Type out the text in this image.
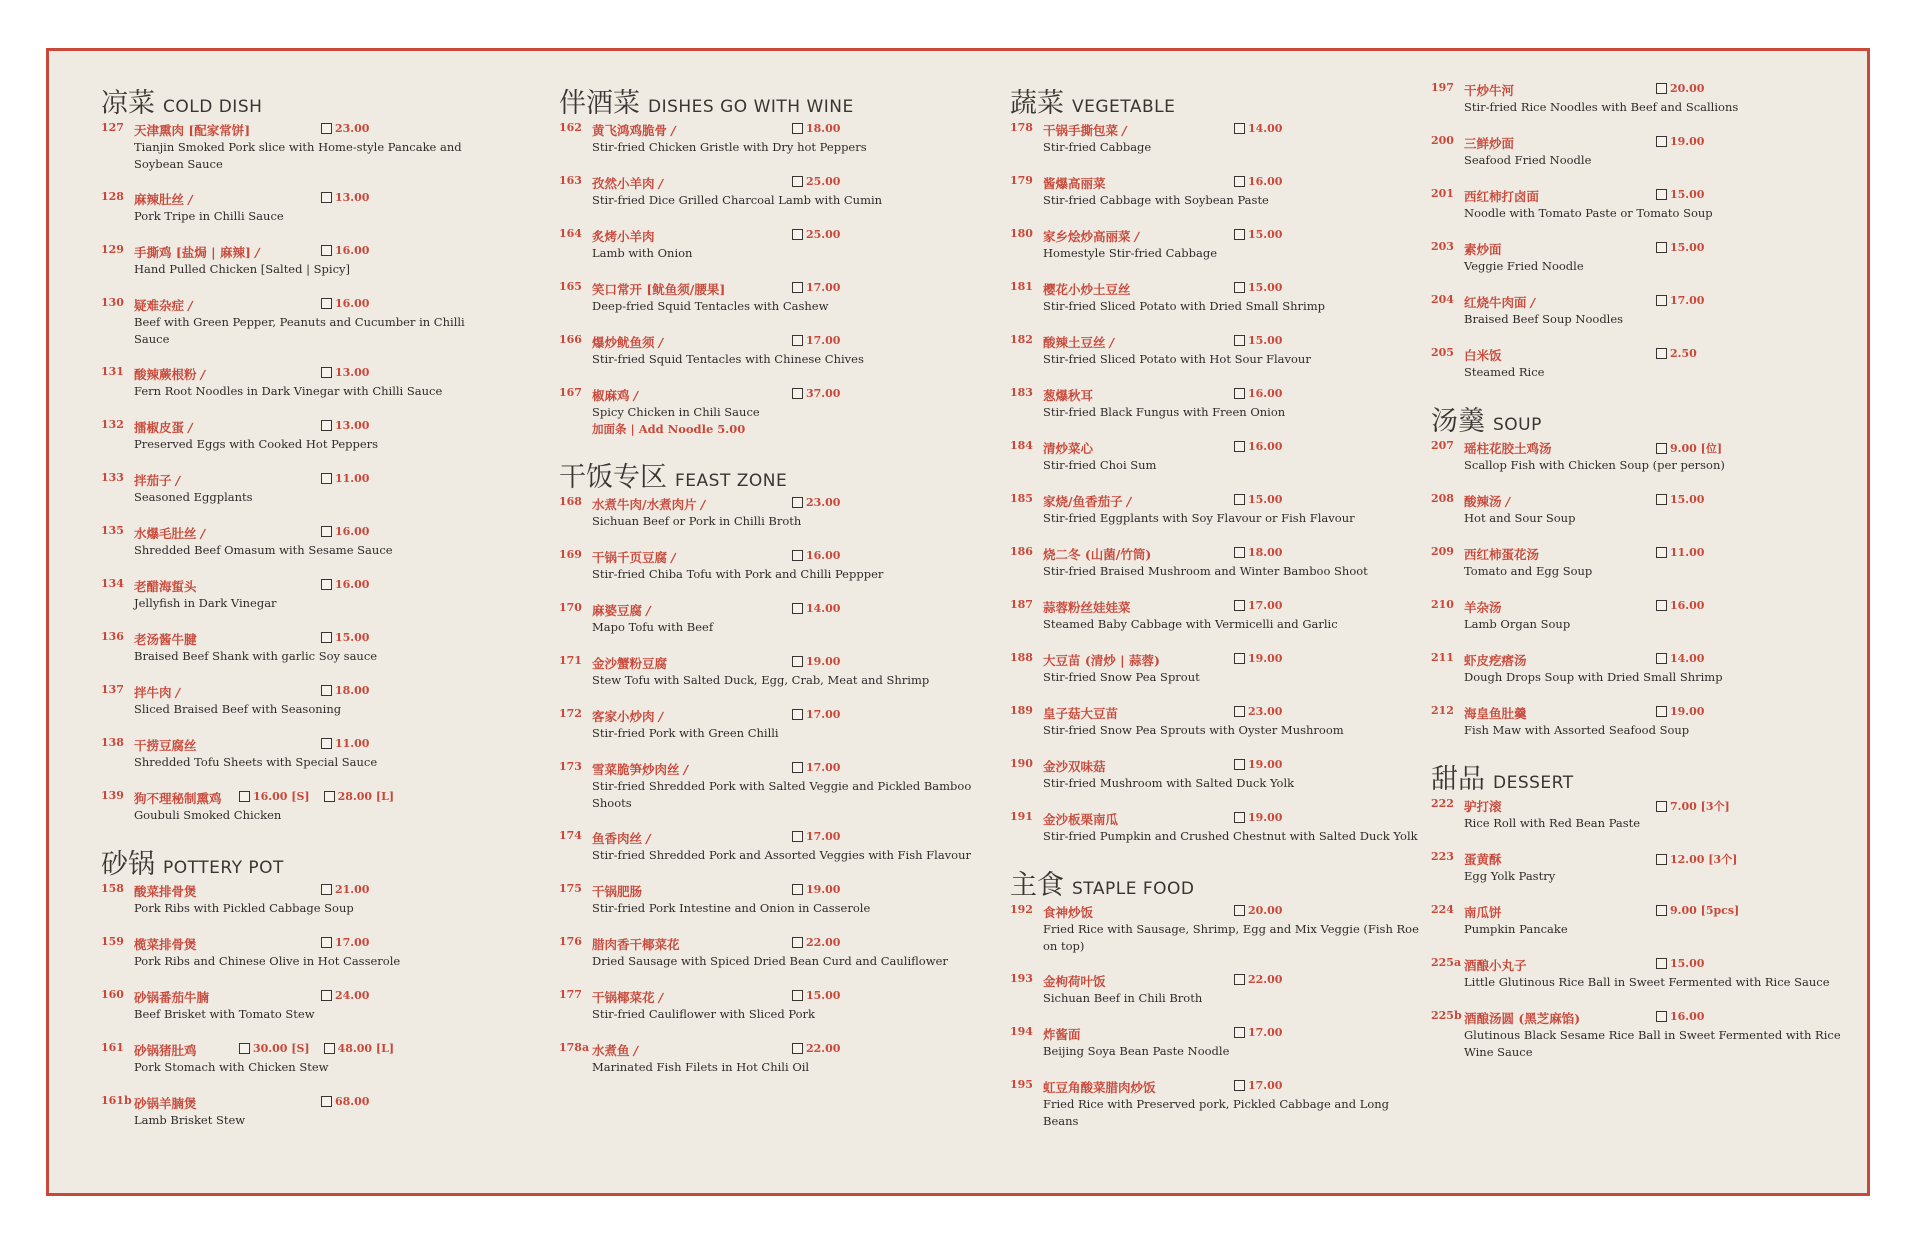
凉菜 COLD DISH
127 天津熏肉 [配家常饼]	23.00
Tianjin Smoked Pork slice with Home-style Pancake and Soybean Sauce
128 麻辣肚丝 ∕	13.00
Pork Tripe in Chilli Sauce
129 手撕鸡 [盐焗 | 麻辣] ∕	16.00
Hand Pulled Chicken [Salted | Spicy]
130 疑难杂症 ∕	16.00
Beef with Green Pepper, Peanuts and Cucumber in Chilli Sauce
131 酸辣蕨根粉 ∕	13.00
Fern Root Noodles in Dark Vinegar with Chilli Sauce
132 擂椒皮蛋 ∕	13.00
Preserved Eggs with Cooked Hot Peppers
133 拌茄子 ∕	11.00
Seasoned Eggplants
135 水爆毛肚丝 ∕	16.00
Shredded Beef Omasum with Sesame Sauce
134 老醋海蜇头	16.00
Jellyfish in Dark Vinegar
136 老汤酱牛腱	15.00
Braised Beef Shank with garlic Soy sauce
137 拌牛肉 ∕	18.00
Sliced Braised Beef with Seasoning
138 干捞豆腐丝	11.00
Shredded Tofu Sheets with Special Sauce
139 狗不理秘制熏鸡	16.00 [S]	28.00 [L]
Goubuli Smoked Chicken
砂锅 POTTERY POT
158 酸菜排骨煲	21.00
Pork Ribs with Pickled Cabbage Soup
159 榄菜排骨煲	17.00
Pork Ribs and Chinese Olive in Hot Casserole
160 砂锅番茄牛腩	24.00
Beef Brisket with Tomato Stew
161 砂锅猪肚鸡	30.00 [S]	48.00 [L]
Pork Stomach with Chicken Stew
161b 砂锅羊腩煲	68.00
Lamb Brisket Stew
伴酒菜 DISHES GO WITH WINE
162 黄飞鸿鸡脆骨 ∕	18.00
Stir-fried Chicken Gristle with Dry hot Peppers
163 孜然小羊肉 ∕	25.00
Stir-fried Dice Grilled Charcoal Lamb with Cumin
164 炙烤小羊肉	25.00
Lamb with Onion
165 笑口常开 [鱿鱼须/腰果]	17.00
Deep-fried Squid Tentacles with Cashew
166 爆炒鱿鱼须 ∕	17.00
Stir-fried Squid Tentacles with Chinese Chives
167 椒麻鸡 ∕	37.00
Spicy Chicken in Chili Sauce
加面条 | Add Noodle 5.00
干饭专区 FEAST ZONE
168 水煮牛肉/水煮肉片 ∕	23.00
Sichuan Beef or Pork in Chilli Broth
169 干锅千页豆腐 ∕	16.00
Stir-fried Chiba Tofu with Pork and Chilli Peppper
170 麻婆豆腐 ∕	14.00
Mapo Tofu with Beef
171 金沙蟹粉豆腐	19.00
Stew Tofu with Salted Duck, Egg, Crab, Meat and Shrimp
172 客家小炒肉 ∕	17.00
Stir-fried Pork with Green Chilli
173 雪菜脆笋炒肉丝 ∕	17.00
Stir-fried Shredded Pork with Salted Veggie and Pickled Bamboo Shoots
174 鱼香肉丝 ∕	17.00
Stir-fried Shredded Pork and Assorted Veggies with Fish Flavour
175 干锅肥肠	19.00
Stir-fried Pork Intestine and Onion in Casserole
176 腊肉香干椰菜花	22.00
Dried Sausage with Spiced Dried Bean Curd and Cauliflower
177 干锅椰菜花 ∕	15.00
Stir-fried Cauliflower with Sliced Pork
178a 水煮鱼 ∕	22.00
Marinated Fish Filets in Hot Chili Oil
蔬菜 VEGETABLE
178 干锅手撕包菜 ∕	14.00
Stir-fried Cabbage
179 酱爆高丽菜	16.00
Stir-fried Cabbage with Soybean Paste
180 家乡烩炒高丽菜 ∕	15.00
Homestyle Stir-fried Cabbage
181 樱花小炒土豆丝	15.00
Stir-fried Sliced Potato with Dried Small Shrimp
182 酸辣土豆丝 ∕	15.00
Stir-fried Sliced Potato with Hot Sour Flavour
183 葱爆秋耳	16.00
Stir-fried Black Fungus with Freen Onion
184 清炒菜心	16.00
Stir-fried Choi Sum
185 家烧/鱼香茄子 ∕	15.00
Stir-fried Eggplants with Soy Flavour or Fish Flavour
186 烧二冬 (山菌/竹筒)	18.00
Stir-fried Braised Mushroom and Winter Bamboo Shoot
187 蒜蓉粉丝娃娃菜	17.00
Steamed Baby Cabbage with Vermicelli and Garlic
188 大豆苗 (清炒 | 蒜蓉)	19.00
Stir-fried Snow Pea Sprout
189 皇子菇大豆苗	23.00
Stir-fried Snow Pea Sprouts with Oyster Mushroom
190 金沙双味菇	19.00
Stir-fried Mushroom with Salted Duck Yolk
191 金沙板栗南瓜	19.00
Stir-fried Pumpkin and Crushed Chestnut with Salted Duck Yolk
主食 STAPLE FOOD
192 食神炒饭	20.00
Fried Rice with Sausage, Shrimp, Egg and Mix Veggie (Fish Roe on top)
193 金枸荷叶饭	22.00
Sichuan Beef in Chili Broth
194 炸酱面	17.00
Beijing Soya Bean Paste Noodle
195 虹豆角酸菜腊肉炒饭	17.00
Fried Rice with Preserved pork, Pickled Cabbage and Long Beans
197 干炒牛河	20.00
Stir-fried Rice Noodles with Beef and Scallions
200 三鲜炒面	19.00
Seafood Fried Noodle
201 西红柿打卤面	15.00
Noodle with Tomato Paste or Tomato Soup
203 素炒面	15.00
Veggie Fried Noodle
204 红烧牛肉面 ∕	17.00
Braised Beef Soup Noodles
205 白米饭	2.50
Steamed Rice
汤羹 SOUP
207 瑶柱花胶土鸡汤	9.00 [位]
Scallop Fish with Chicken Soup (per person)
208 酸辣汤 ∕	15.00
Hot and Sour Soup
209 西红柿蛋花汤	11.00
Tomato and Egg Soup
210 羊杂汤	16.00
Lamb Organ Soup
211 虾皮疙瘩汤	14.00
Dough Drops Soup with Dried Small Shrimp
212 海皇鱼肚羹	19.00
Fish Maw with Assorted Seafood Soup
甜品 DESSERT
222 驴打滚	7.00 [3个]
Rice Roll with Red Bean Paste
223 蛋黄酥	12.00 [3个]
Egg Yolk Pastry
224 南瓜饼	9.00 [5pcs]
Pumpkin Pancake
225a 酒酿小丸子	15.00
Little Glutinous Rice Ball in Sweet Fermented with Rice Sauce
225b 酒酿汤圆 (黑芝麻馅)	16.00
Glutinous Black Sesame Rice Ball in Sweet Fermented with Rice Wine Sauce
